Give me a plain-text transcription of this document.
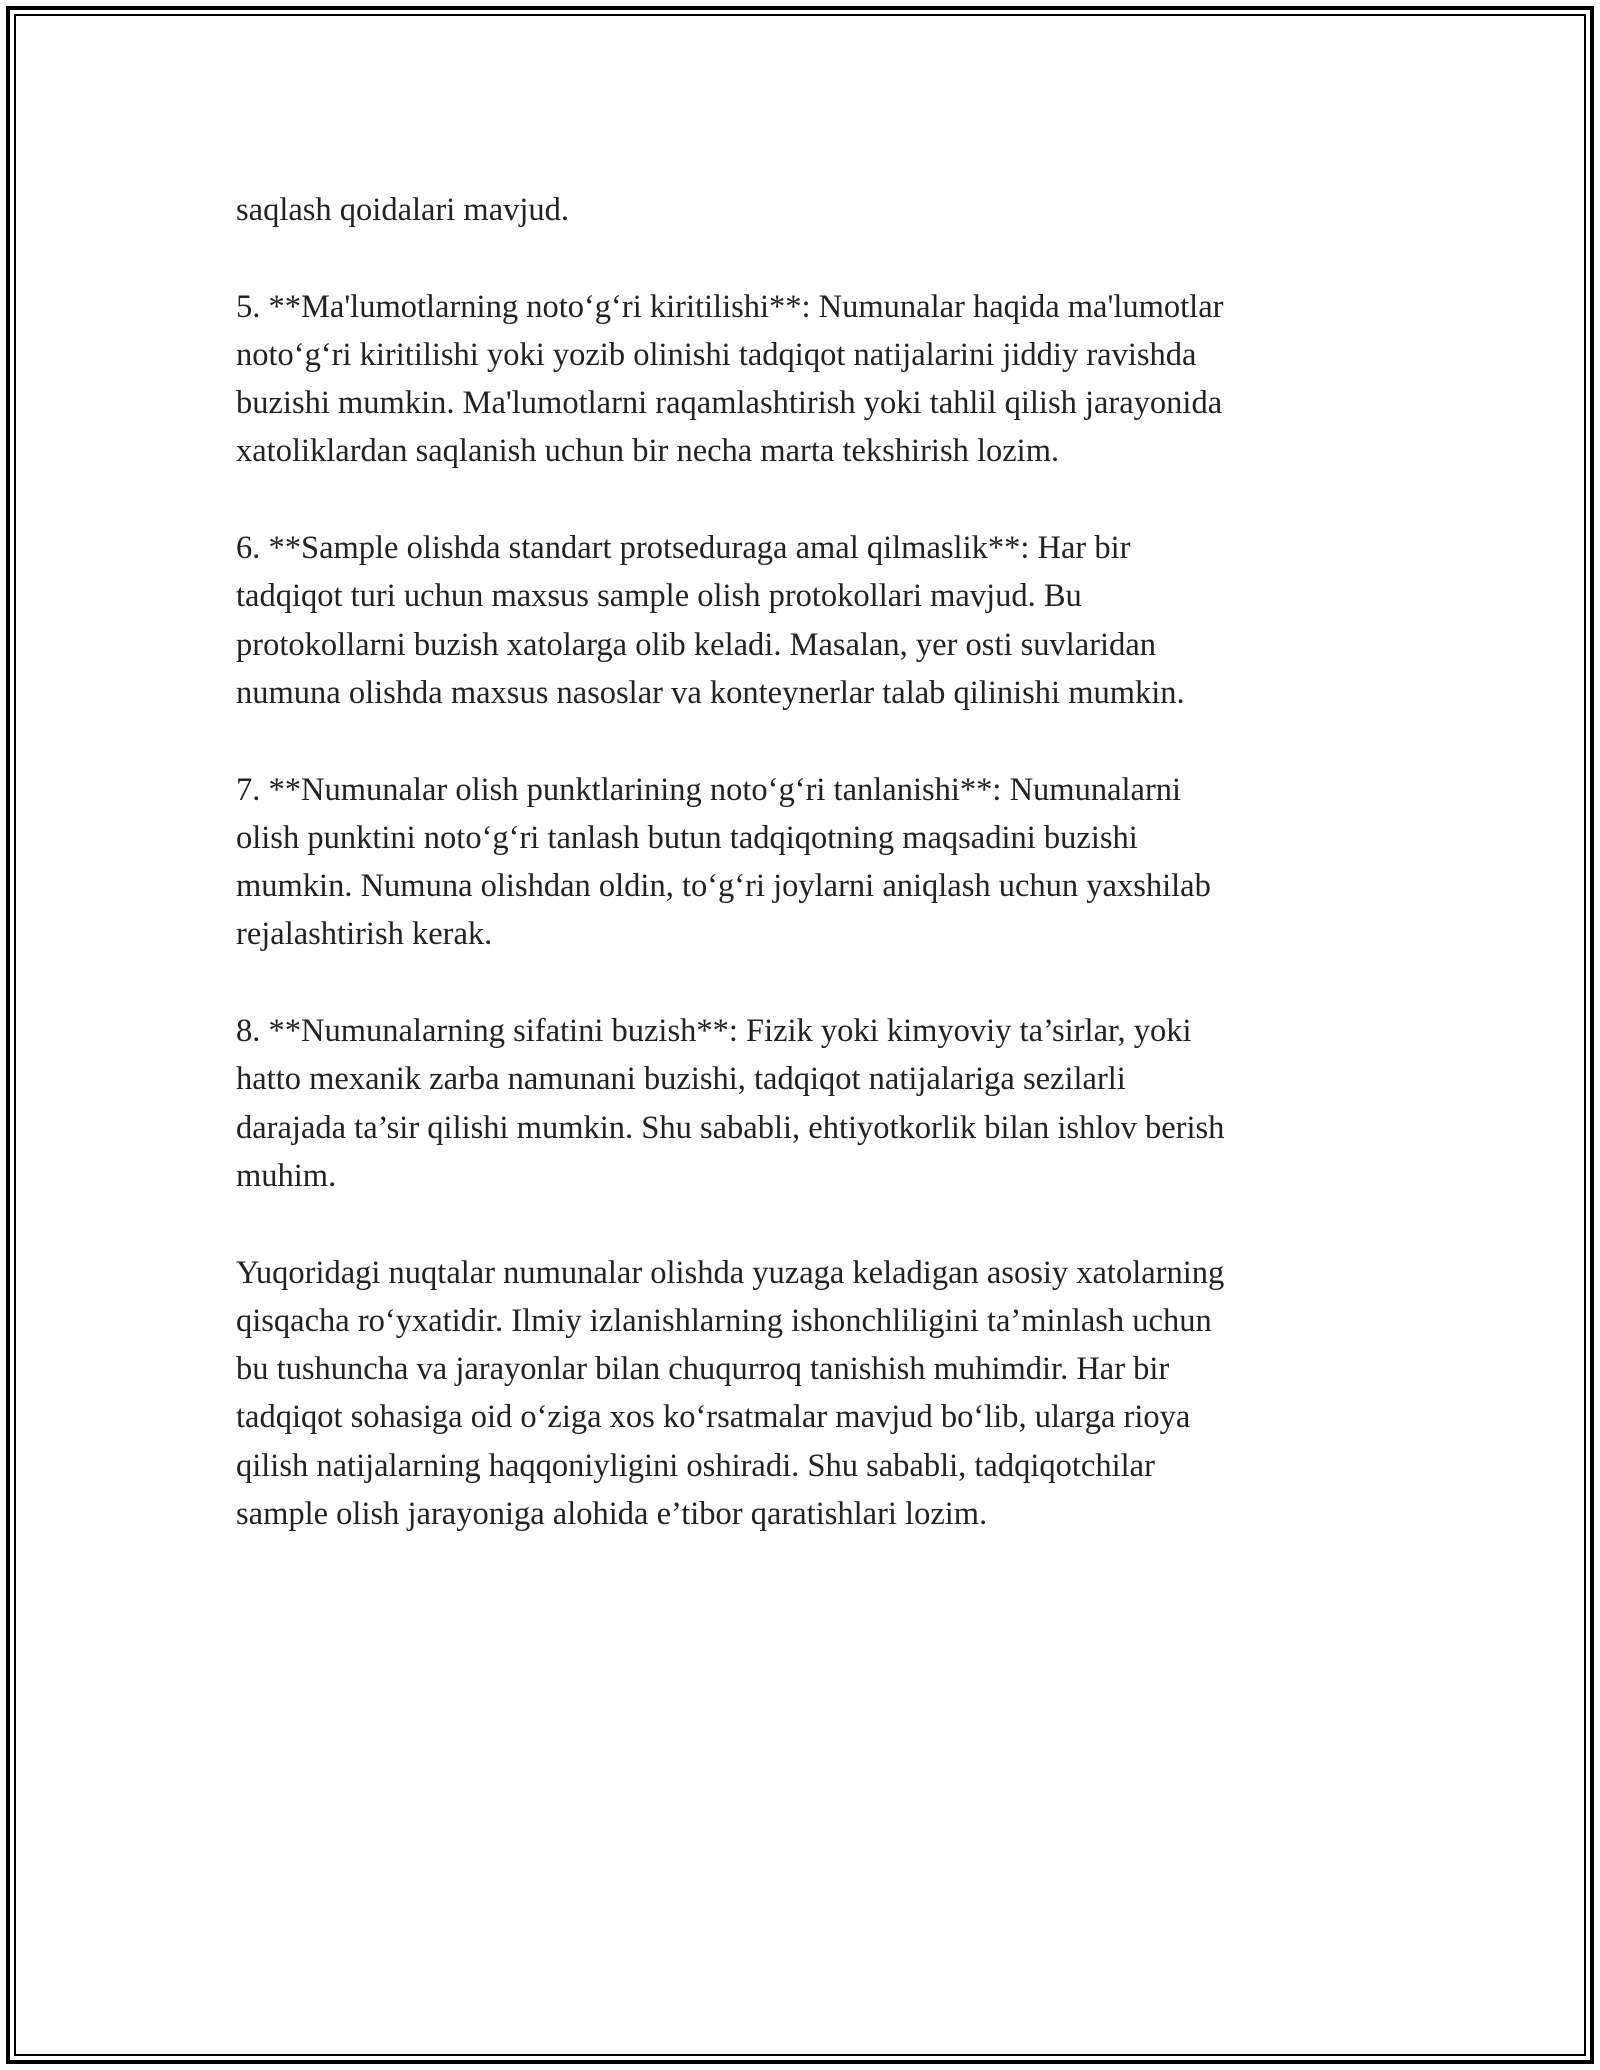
saqlash qoidalari mavjud.

5. **Ma'lumotlarning noto‘g‘ri kiritilishi**: Numunalar haqida ma'lumotlar
noto‘g‘ri kiritilishi yoki yozib olinishi tadqiqot natijalarini jiddiy ravishda
buzishi mumkin. Ma'lumotlarni raqamlashtirish yoki tahlil qilish jarayonida
xatoliklardan saqlanish uchun bir necha marta tekshirish lozim.

6. **Sample olishda standart protseduraga amal qilmaslik**: Har bir
tadqiqot turi uchun maxsus sample olish protokollari mavjud. Bu
protokollarni buzish xatolarga olib keladi. Masalan, yer osti suvlaridan
numuna olishda maxsus nasoslar va konteynerlar talab qilinishi mumkin.

7. **Numunalar olish punktlarining noto‘g‘ri tanlanishi**: Numunalarni
olish punktini noto‘g‘ri tanlash butun tadqiqotning maqsadini buzishi
mumkin. Numuna olishdan oldin, to‘g‘ri joylarni aniqlash uchun yaxshilab
rejalashtirish kerak.

8. **Numunalarning sifatini buzish**: Fizik yoki kimyoviy ta’sirlar, yoki
hatto mexanik zarba namunani buzishi, tadqiqot natijalariga sezilarli
darajada ta’sir qilishi mumkin. Shu sababli, ehtiyotkorlik bilan ishlov berish
muhim.

Yuqoridagi nuqtalar numunalar olishda yuzaga keladigan asosiy xatolarning
qisqacha ro‘yxatidir. Ilmiy izlanishlarning ishonchliligini ta’minlash uchun
bu tushuncha va jarayonlar bilan chuqurroq tanishish muhimdir. Har bir
tadqiqot sohasiga oid o‘ziga xos ko‘rsatmalar mavjud bo‘lib, ularga rioya
qilish natijalarning haqqoniyligini oshiradi. Shu sababli, tadqiqotchilar
sample olish jarayoniga alohida e’tibor qaratishlari lozim.
